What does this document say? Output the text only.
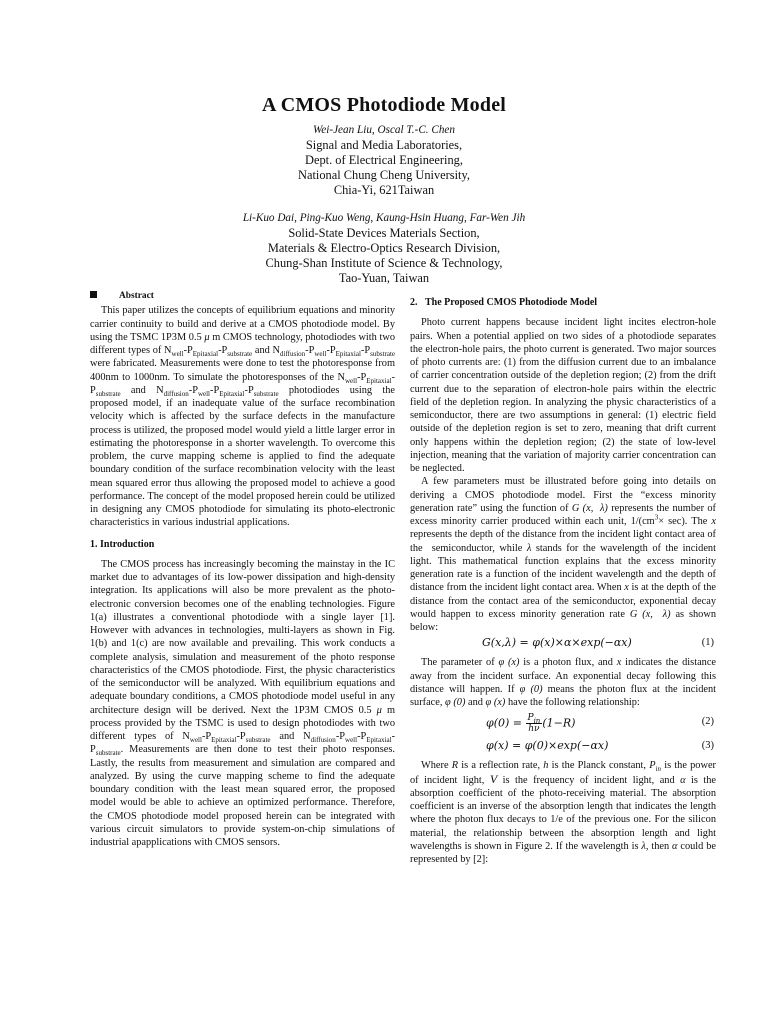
A CMOS Photodiode Model
Wei-Jean Liu, Oscal T.-C. Chen
Signal and Media Laboratories,
Dept. of Electrical Engineering,
National Chung Cheng University,
Chia-Yi, 621Taiwan
Li-Kuo Dai, Ping-Kuo Weng, Kaung-Hsin Huang, Far-Wen Jih
Solid-State Devices Materials Section,
Materials & Electro-Optics Research Division,
Chung-Shan Institute of Science & Technology,
Tao-Yuan, Taiwan
Abstract

This paper utilizes the concepts of equilibrium equations and minority carrier continuity to build and derive at a CMOS photodiode model. By using the TSMC 1P3M 0.5 μ m CMOS technology, photodiodes with two different types of $N_{well}-P_{Epitaxial}-P_{substrate}$ and $N_{diffusion}-P_{well}-P_{Epitaxial}-P_{substrate}$ were fabricated. Measurements were done to test the photoresponse from 400nm to 1000nm. To simulate the photoresponses of the $N_{well}-P_{Epitaxial}-P_{substrate}$ and $N_{diffusion}-P_{well}-P_{Epitaxial}-P_{substrate}$ photodiodes using the proposed model, if an inadequate value of the surface recombination velocity which is affected by the surface defects in the manufacture process is utilized, the proposed model would yield a little larger error in estimating the photoresponse in a shorter wavelength. To overcome this problem, the curve mapping scheme is applied to find the adequate boundary condition of the surface recombination velocity with the least mean squared error thus allowing the proposed model to achieve a good performance. The concept of the model proposed herein could be utilized in designing any CMOS photodiode for simulating its photo-electronic characteristics in various industrial applications.

1. Introduction

The CMOS process has increasingly becoming the mainstay in the IC market due to advantages of its low-power dissipation and high-density integration. Its applications will also be more prevalent as the photo-electronic conversion becomes one of the enabling technologies. Figure 1(a) illustrates a conventional photodiode with a single layer [1]. However with advances in technologies, multi-layers as shown in Fig. 1(b) and 1(c) are now available and prevailing. This work conducts a complete analysis, simulation and measurement of the photo response characteristics of the CMOS photodiode. First, the physic characteristics of the semiconductor will be analyzed. With equilibrium equations and adequate boundary conditions, a CMOS photodiode model useful in any architecture design will be derived. Next the 1P3M CMOS 0.5 μ m process provided by the TSMC is used to design photodiodes with two different types of $N_{well}-P_{Epitaxial}-P_{substrate}$ and $N_{diffusion}-P_{well}-P_{Epitaxial}-P_{substrate}$. Measurements are then done to test their photo responses. Lastly, the results from measurement and simulation are compared and analyzed. By using the curve mapping scheme to find the adequate boundary condition with the least mean squared error, the proposed model would be able to achieve an optimized performance. Therefore, the CMOS photodiode model proposed herein can be integrated with various circuit simulators to provide system-on-chip simulations of industrial apapplications with CMOS sensors.

2.   The Proposed CMOS Photodiode Model

Photo current happens because incident light incites electron-hole pairs. When a potential applied on two sides of a photodiode separates the electron-hole pairs, the photo current is generated. Two major sources of photo currents are: (1) from the diffusion current due to an imbalance of carrier concentration outside of the depletion region; (2) from the drift current due to the separation of electron-hole pairs within the electric field of the depletion region. In analyzing the physic characteristics of a semiconductor, there are two assumptions in general: (1) electric field outside of the depletion region is set to zero, meaning that drift current only happens within the depletion region; (2) the state of low-level injection, meaning that the variation of majority carrier concentration can be neglected.

A few parameters must be illustrated before going into details on deriving a CMOS photodiode model. First the “excess minority generation rate” using the function of G (x,  λ) represents the number of excess minority carrier produced within each unit, $1/(cm^3\times \sec)$. The x represents the depth of the distance from the incident light contact area of the  semiconductor, while λ stands for the wavelength of the incident light. This mathematical function explains that the excess minority generation rate is a function of the incident wavelength and the depth of distance from the incident light contact area. When x is at the depth of the distance from the contact area of the semiconductor, exponential decay would happen to excess minority generation rate G (x,  λ) as shown below:

G(x,λ) = φ(x)×α×exp(−αx)	(1)

The parameter of φ (x) is a photon flux, and x indicates the distance away from the incident surface. An exponential decay following this distance will happen. If φ (0) means the photon flux at the incident surface, φ (0) and φ (x) have the following relationship:

$\varphi(0) = \frac{P_{in}}{h\nu} (1-R)$	(2)
φ(x) = φ(0)×exp(−αx)	(3)

Where R is a reflection rate, h is the Planck constant, $P_{in}$ is the power of incident light, V is the frequency of incident light, and α is the absorption coefficient of the photo-receiving material. The absorption coefficient is an inverse of the absorption length that indicates the length where the photon flux decays to 1/e of the previous one. For the silicon material, the relationship between the absorption length and light wavelengths is shown in Figure 2. If the wavelength is λ, then α could be represented by [2]:
